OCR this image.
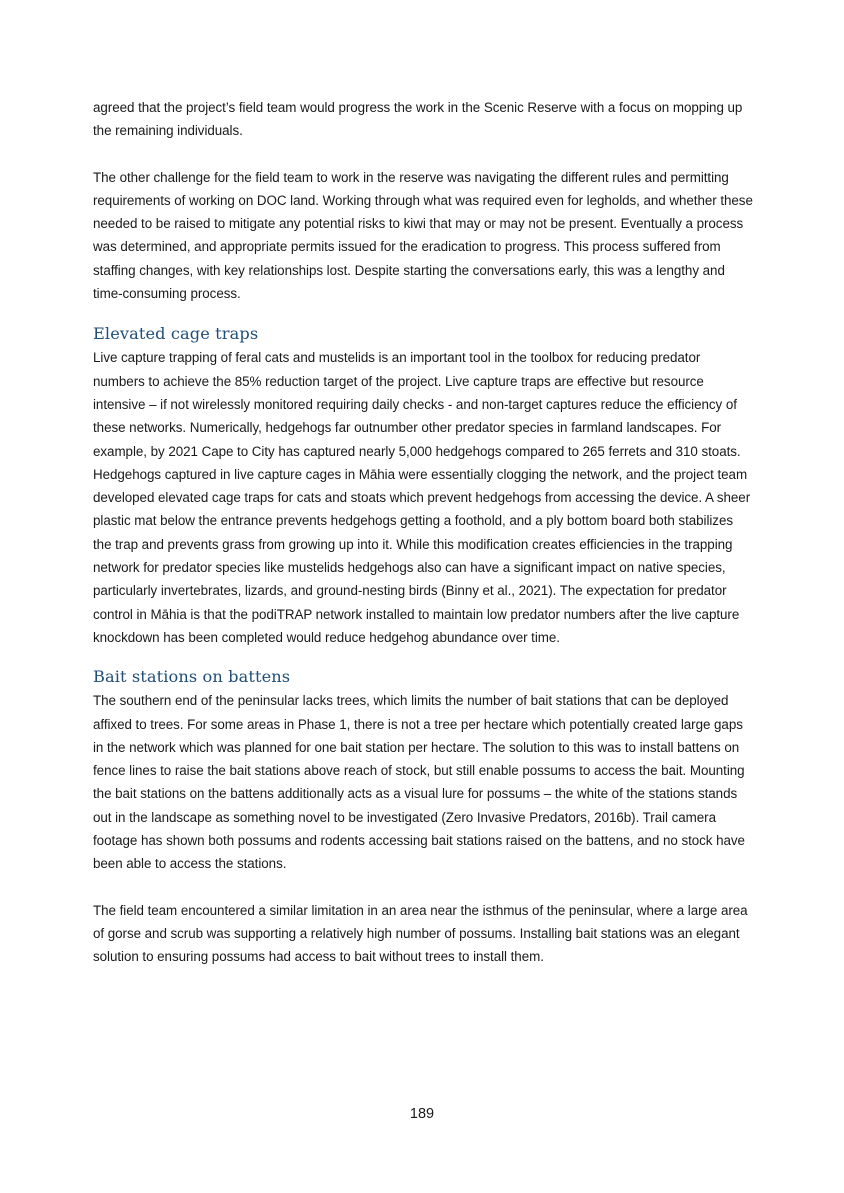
agreed that the project’s field team would progress the work in the Scenic Reserve with a focus on mopping up the remaining individuals.

The other challenge for the field team to work in the reserve was navigating the different rules and permitting requirements of working on DOC land. Working through what was required even for legholds, and whether these needed to be raised to mitigate any potential risks to kiwi that may or may not be present. Eventually a process was determined, and appropriate permits issued for the eradication to progress. This process suffered from staffing changes, with key relationships lost. Despite starting the conversations early, this was a lengthy and time-consuming process.

Elevated cage traps

Live capture trapping of feral cats and mustelids is an important tool in the toolbox for reducing predator numbers to achieve the 85% reduction target of the project. Live capture traps are effective but resource intensive – if not wirelessly monitored requiring daily checks - and non-target captures reduce the efficiency of these networks. Numerically, hedgehogs far outnumber other predator species in farmland landscapes. For example, by 2021 Cape to City has captured nearly 5,000 hedgehogs compared to 265 ferrets and 310 stoats. Hedgehogs captured in live capture cages in Māhia were essentially clogging the network, and the project team developed elevated cage traps for cats and stoats which prevent hedgehogs from accessing the device. A sheer plastic mat below the entrance prevents hedgehogs getting a foothold, and a ply bottom board both stabilizes the trap and prevents grass from growing up into it. While this modification creates efficiencies in the trapping network for predator species like mustelids hedgehogs also can have a significant impact on native species, particularly invertebrates, lizards, and ground-nesting birds (Binny et al., 2021). The expectation for predator control in Māhia is that the podiTRAP network installed to maintain low predator numbers after the live capture knockdown has been completed would reduce hedgehog abundance over time.

Bait stations on battens

The southern end of the peninsular lacks trees, which limits the number of bait stations that can be deployed affixed to trees. For some areas in Phase 1, there is not a tree per hectare which potentially created large gaps in the network which was planned for one bait station per hectare. The solution to this was to install battens on fence lines to raise the bait stations above reach of stock, but still enable possums to access the bait. Mounting the bait stations on the battens additionally acts as a visual lure for possums – the white of the stations stands out in the landscape as something novel to be investigated (Zero Invasive Predators, 2016b). Trail camera footage has shown both possums and rodents accessing bait stations raised on the battens, and no stock have been able to access the stations.

The field team encountered a similar limitation in an area near the isthmus of the peninsular, where a large area of gorse and scrub was supporting a relatively high number of possums. Installing bait stations was an elegant solution to ensuring possums had access to bait without trees to install them.

189
